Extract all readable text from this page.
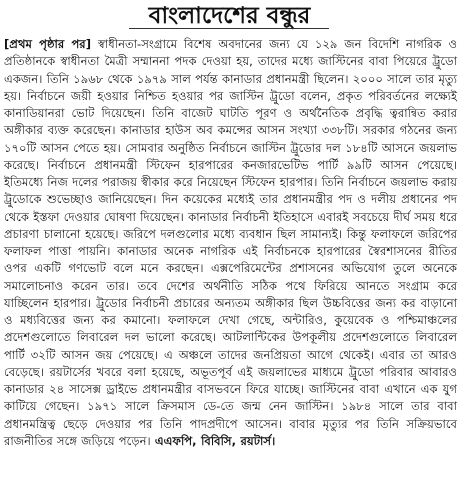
বাংলাদেশের বন্ধুর
[প্রথম পৃষ্ঠার পর] স্বাধীনতা-সংগ্রামে বিশেষ অবদানের জন্য যে ১২৯ জন বিদেশি নাগরিক ও প্রতিষ্ঠানকে স্বাধীনতা মৈত্রী সম্মাননা পদক দেওয়া হয়, তাদের মধ্যে জাস্টিনের বাবা পিয়েরে ট্রুডো একজন। তিনি ১৯৬৮ থেকে ১৯৭৯ সাল পর্যন্ত কানাডার প্রধানমন্ত্রী ছিলেন। ২০০০ সালে তার মৃত্যু হয়। নির্বাচনে জয়ী হওয়ার নিশ্চিত হওয়ার পর জাস্টিন ট্রুডো বলেন, প্রকৃত পরিবর্তনের লক্ষ্যেই কানাডিয়ানরা ভোট দিয়েছেন। তিনি বাজেট ঘাটতি পূরণ ও অর্থনৈতিক প্রবৃদ্ধি ত্বরান্বিত করার অঙ্গীকার ব্যক্ত করেছেন। কানাডার হাউস অব কমন্সের আসন সংখ্যা ৩৩৮টি। সরকার গঠনের জন্য ১৭০টি আসন পেতে হয়। সোমবার অনুষ্ঠিত নির্বাচনে জাস্টিন ট্রুডোর দল ১৮৪টি আসনে জয়লাভ করেছে। নির্বাচনে প্রধানমন্ত্রী স্টিফেন হারপারের কনজারভেটিভ পার্টি ৯৯টি আসন পেয়েছে। ইতিমধ্যে নিজ দলের পরাজয় স্বীকার করে নিয়েছেন স্টিফেন হারপার। তিনি নির্বাচনে জয়লাভ করায় ট্রুডোকে শুভেচ্ছাও জানিয়েছেন। দিন কয়েকের মধ্যেই তার প্রধানমন্ত্রীর পদ ও দলীয় প্রধানের পদ থেকে ইস্তফা দেওয়ার ঘোষণা দিয়েছেন। কানাডার নির্বাচনী ইতিহাসে এবারই সবচেয়ে দীর্ঘ সময় ধরে প্রচারণা চালানো হয়েছে। জরিপে দলগুলোর মধ্যে ব্যবধান ছিল সামান্যই। কিন্তু ফলাফলে জরিপের ফলাফল পাত্তা পায়নি। কানাডার অনেক নাগরিক এই নির্বাচনকে হারপারের স্বৈরশাসনের রীতির ওপর একটি গণভোট বলে মনে করছেন। এক্সপেরিমেন্টের প্রশাসনের অভিযোগ তুলে অনেকে সমালোচনাও করেন তার। তবে দেশের অর্থনীতি সঠিক পথে ফিরিয়ে আনতে সংগ্রাম করে যাচ্ছিলেন হারপার। ট্রুডোর নির্বাচনী প্রচারের অন্যতম অঙ্গীকার ছিল উচ্চবিত্তের জন্য কর বাড়ানো ও মধ্যবিত্তের জন্য কর কমানো। ফলাফলে দেখা গেছে, অন্টারিও, কুয়েবেক ও পশ্চিমাঞ্চলের প্রদেশগুলোতে লিবারেল দল ভালো করেছে। আটলান্টিকের উপকূলীয় প্রদেশগুলোতে লিবারেল পার্টি ৩২টি আসন জয় পেয়েছে। এ অঞ্চলে তাদের জনপ্রিয়তা আগে থেকেই। এবার তা আরও বেড়েছে। রয়টার্সের খবরে বলা হয়েছে, অভূতপূর্ব এই জয়লাভের মাধ্যমে ট্রুডো পরিবার আবারও কানাডার ২৪ সাসেক্স ড্রাইভে প্রধানমন্ত্রীর বাসভবনে ফিরে যাচ্ছে। জাস্টিনের বাবা এখানে এক যুগ কাটিয়ে গেছেন। ১৯৭১ সালে ক্রিসমাস ডে-তে জন্ম নেন জাস্টিন। ১৯৮৪ সালে তার বাবা প্রধানমন্ত্রিত্ব ছেড়ে দেওয়ার পর তিনি পাদপ্রদীপে আসেন। বাবার মৃত্যুর পর তিনি সক্রিয়ভাবে রাজনীতির সঙ্গে জড়িয়ে পড়েন। এএফপি, বিবিসি, রয়টার্স।
